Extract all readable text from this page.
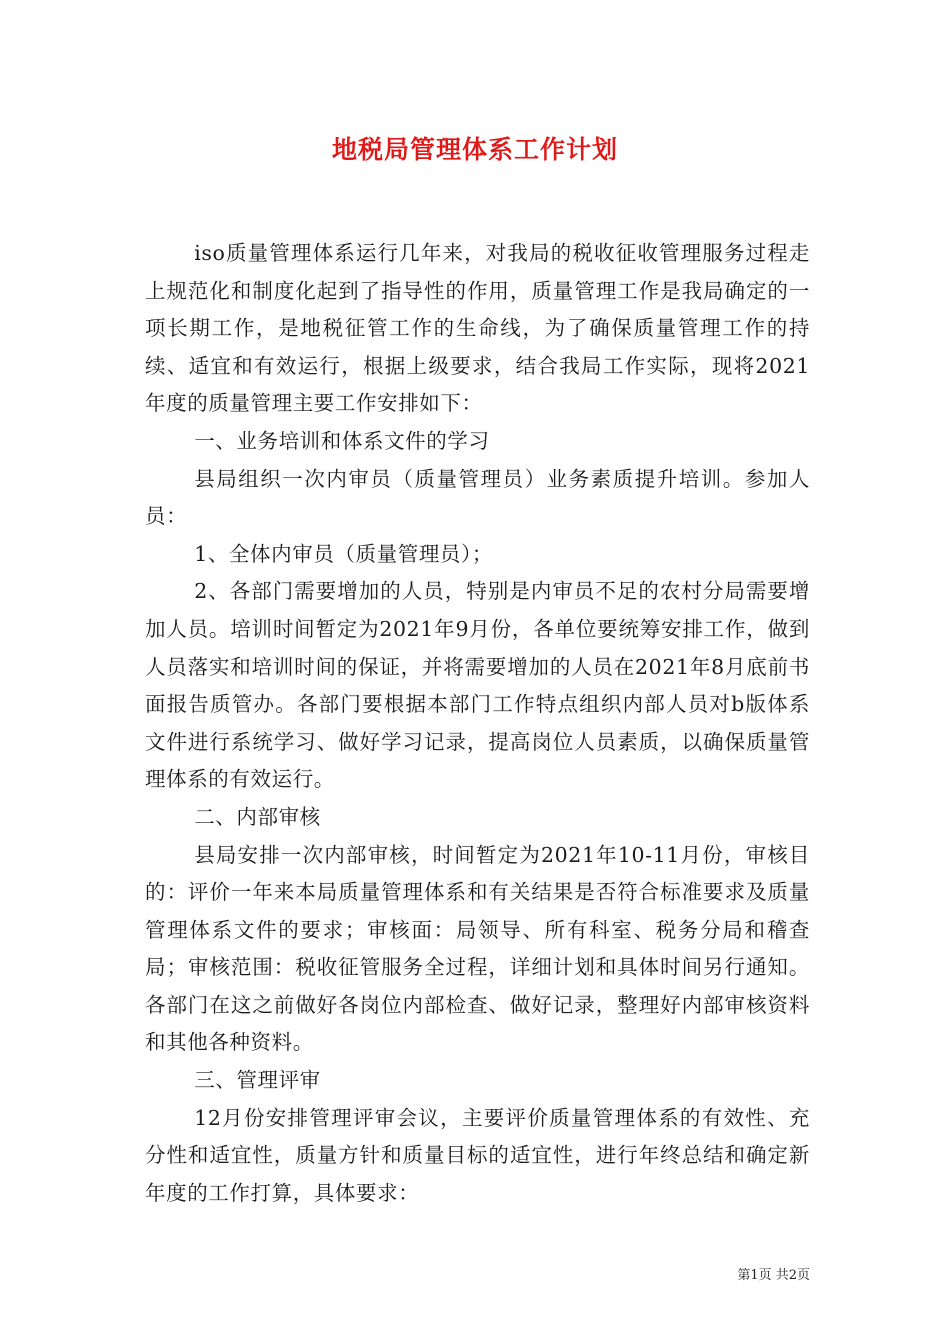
地税局管理体系工作计划

iso质量管理体系运行几年来，对我局的税收征收管理服务过程走上规范化和制度化起到了指导性的作用，质量管理工作是我局确定的一项长期工作，是地税征管工作的生命线，为了确保质量管理工作的持续、适宜和有效运行，根据上级要求，结合我局工作实际，现将2021年度的质量管理主要工作安排如下：

一、业务培训和体系文件的学习

县局组织一次内审员（质量管理员）业务素质提升培训。参加人员：

1、全体内审员（质量管理员）；

2、各部门需要增加的人员，特别是内审员不足的农村分局需要增加人员。培训时间暂定为2021年9月份，各单位要统筹安排工作，做到人员落实和培训时间的保证，并将需要增加的人员在2021年8月底前书面报告质管办。各部门要根据本部门工作特点组织内部人员对b版体系文件进行系统学习、做好学习记录，提高岗位人员素质，以确保质量管理体系的有效运行。

二、内部审核

县局安排一次内部审核，时间暂定为2021年10-11月份，审核目的：评价一年来本局质量管理体系和有关结果是否符合标准要求及质量管理体系文件的要求；审核面：局领导、所有科室、税务分局和稽查局；审核范围：税收征管服务全过程，详细计划和具体时间另行通知。各部门在这之前做好各岗位内部检查、做好记录，整理好内部审核资料和其他各种资料。

三、管理评审

12月份安排管理评审会议，主要评价质量管理体系的有效性、充分性和适宜性，质量方针和质量目标的适宜性，进行年终总结和确定新年度的工作打算，具体要求：

第1页 共2页
